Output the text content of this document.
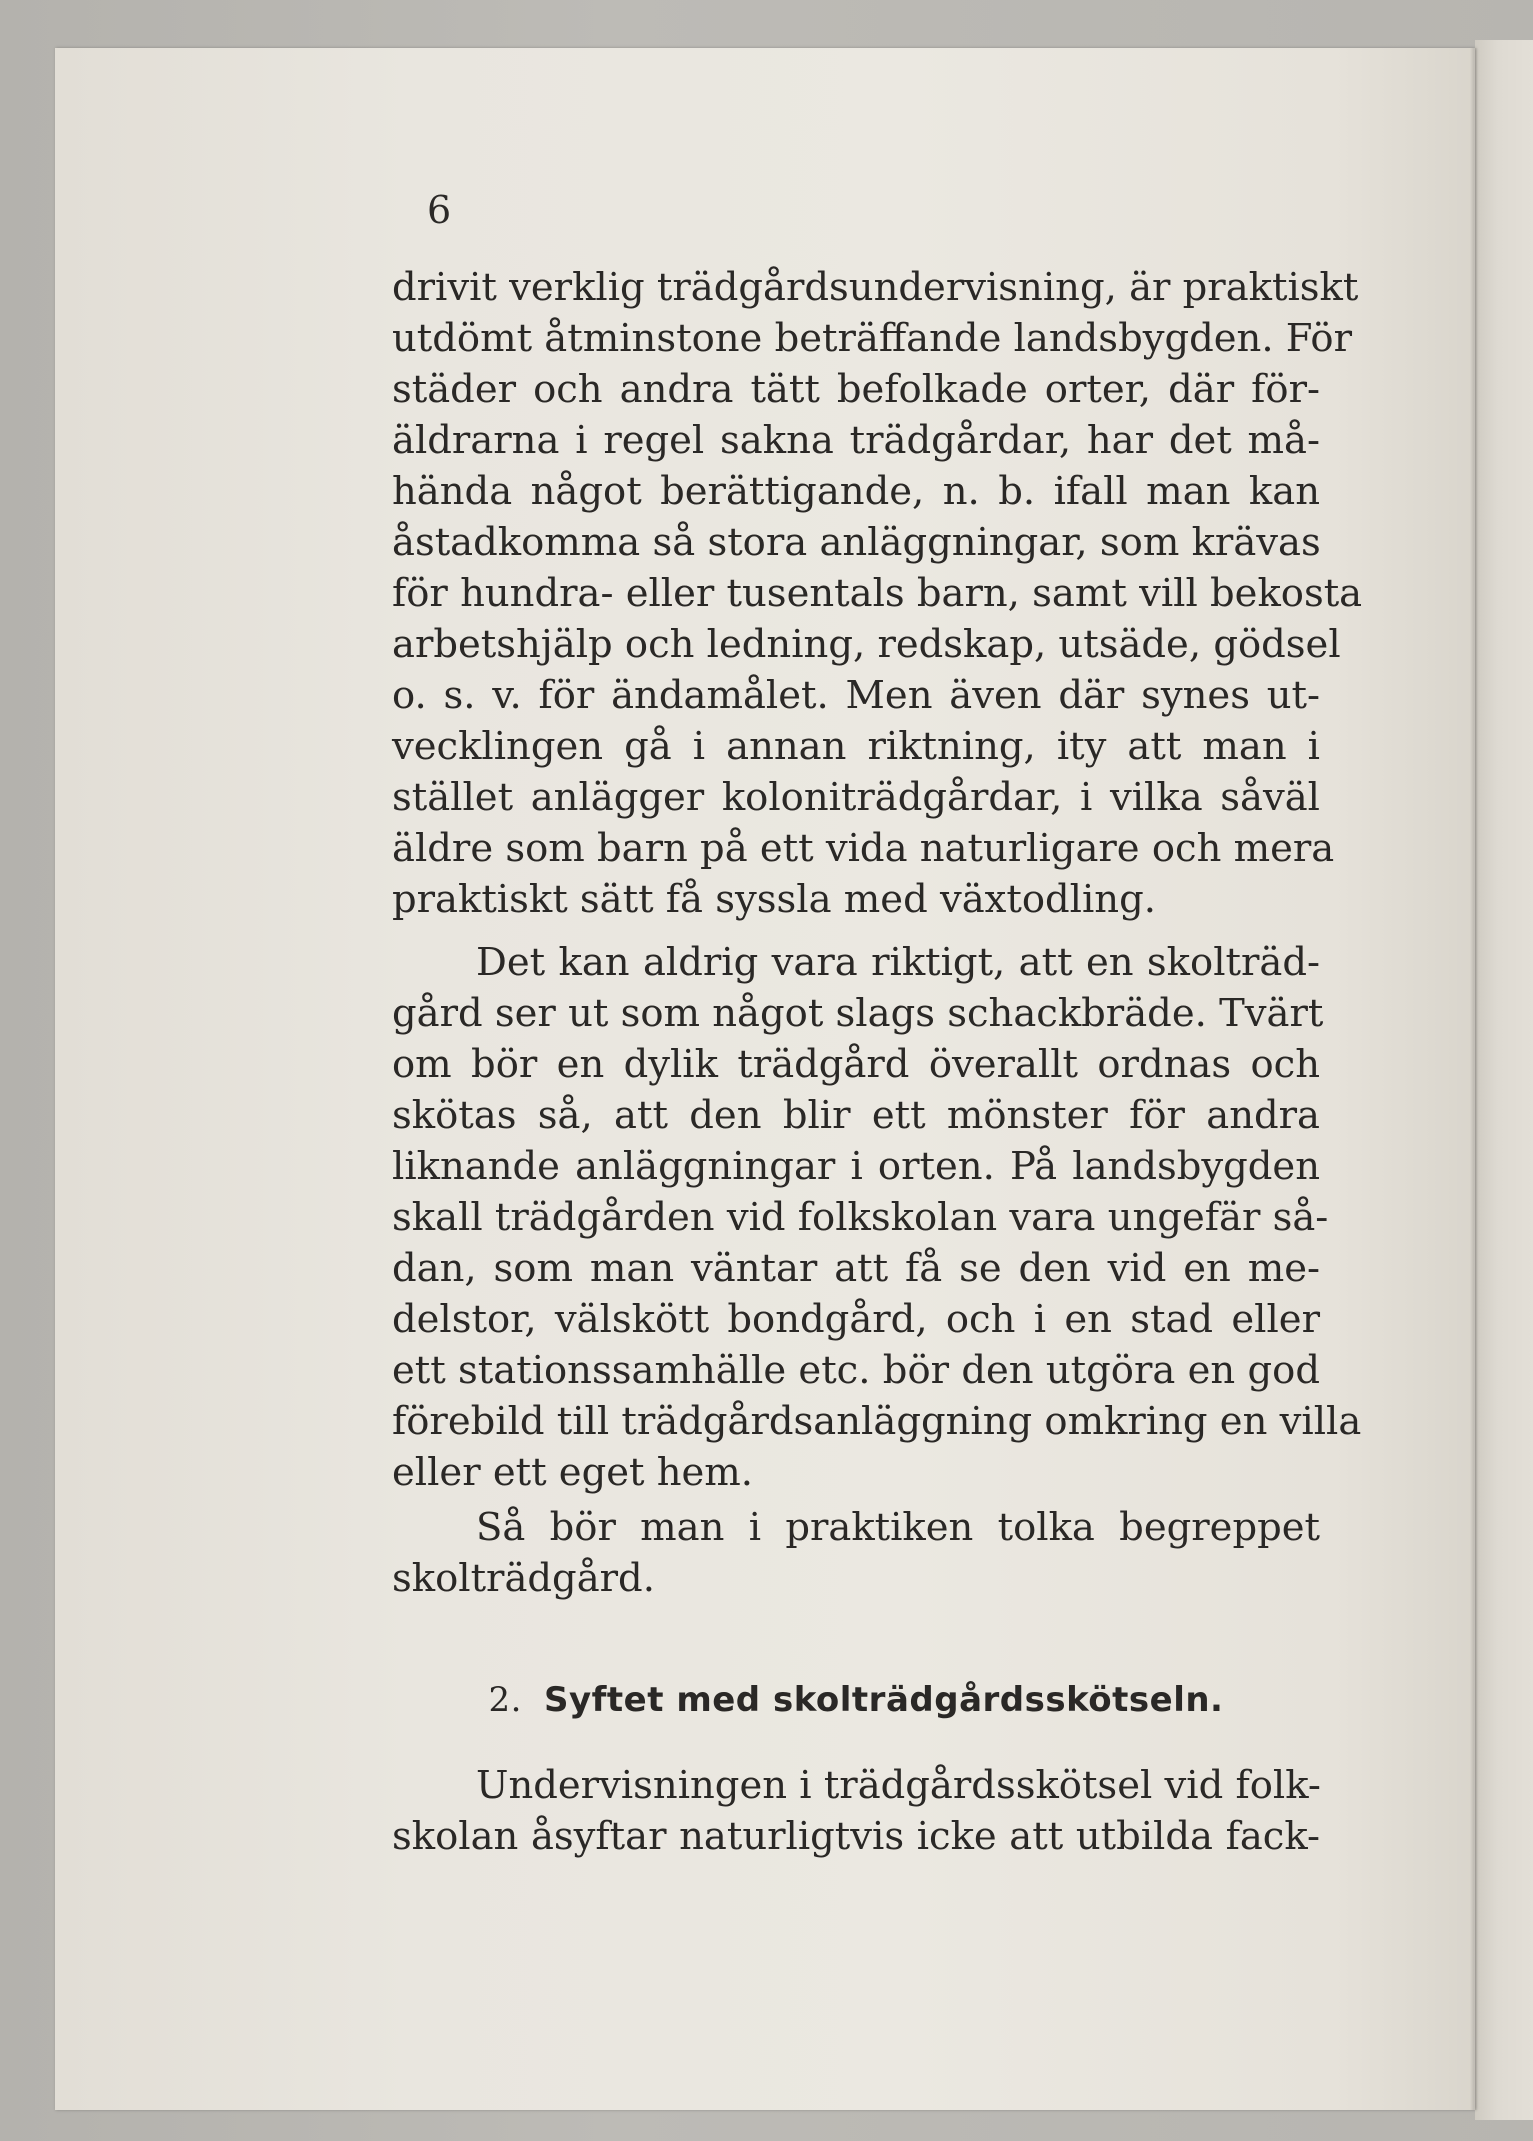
6
drivit verklig trädgårdsundervisning, är praktiskt
utdömt åtminstone beträffande landsbygden. För
städer och andra tätt befolkade orter, där för-
äldrarna i regel sakna trädgårdar, har det må-
hända något berättigande, n. b. ifall man kan
åstadkomma så stora anläggningar, som krävas
för hundra- eller tusentals barn, samt vill bekosta
arbetshjälp och ledning, redskap, utsäde, gödsel
o. s. v. för ändamålet. Men även där synes ut-
vecklingen gå i annan riktning, ity att man i
stället anlägger koloniträdgårdar, i vilka såväl
äldre som barn på ett vida naturligare och mera
praktiskt sätt få syssla med växtodling.
Det kan aldrig vara riktigt, att en skolträd-
gård ser ut som något slags schackbräde. Tvärt
om bör en dylik trädgård överallt ordnas och
skötas så, att den blir ett mönster för andra
liknande anläggningar i orten. På landsbygden
skall trädgården vid folkskolan vara ungefär så-
dan, som man väntar att få se den vid en me-
delstor, välskött bondgård, och i en stad eller
ett stationssamhälle etc. bör den utgöra en god
förebild till trädgårdsanläggning omkring en villa
eller ett eget hem.
Så bör man i praktiken tolka begreppet
skolträdgård.
2. Syftet med skolträdgårdsskötseln.
Undervisningen i trädgårdsskötsel vid folk-
skolan åsyftar naturligtvis icke att utbilda fack-
